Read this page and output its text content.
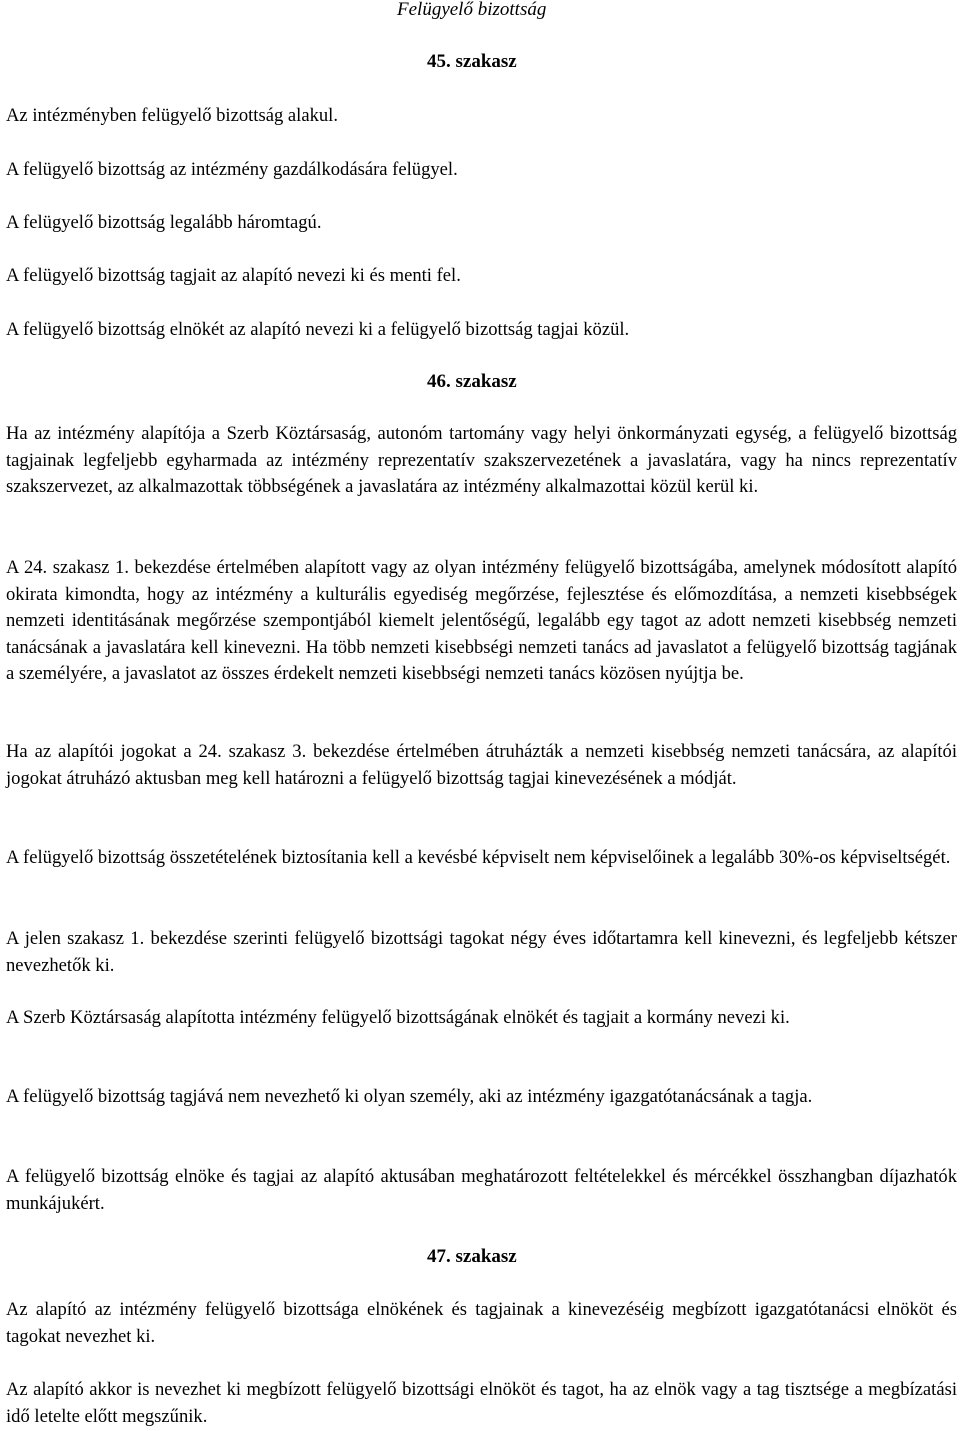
Felügyelő bizottság
45. szakasz
Az intézményben felügyelő bizottság alakul.
A felügyelő bizottság az intézmény gazdálkodására felügyel.
A felügyelő bizottság legalább háromtagú.
A felügyelő bizottság tagjait az alapító nevezi ki és menti fel.
A felügyelő bizottság elnökét az alapító nevezi ki a felügyelő bizottság tagjai közül.
46. szakasz
Ha az intézmény alapítója a Szerb Köztársaság, autonóm tartomány vagy helyi önkormányzati egység, a felügyelő bizottság tagjainak legfeljebb egyharmada az intézmény reprezentatív szakszervezetének a javaslatára, vagy ha nincs reprezentatív szakszervezet, az alkalmazottak többségének a javaslatára az intézmény alkalmazottai közül kerül ki.
A 24. szakasz 1. bekezdése értelmében alapított vagy az olyan intézmény felügyelő bizottságába, amelynek módosított alapító okirata kimondta, hogy az intézmény a kulturális egyediség megőrzése, fejlesztése és előmozdítása, a nemzeti kisebbségek nemzeti identitásának megőrzése szempontjából kiemelt jelentőségű, legalább egy tagot az adott nemzeti kisebbség nemzeti tanácsának a javaslatára kell kinevezni. Ha több nemzeti kisebbségi nemzeti tanács ad javaslatot a felügyelő bizottság tagjának a személyére, a javaslatot az összes érdekelt nemzeti kisebbségi nemzeti tanács közösen nyújtja be.
Ha az alapítói jogokat a 24. szakasz 3. bekezdése értelmében átruházták a nemzeti kisebbség nemzeti tanácsára, az alapítói jogokat átruházó aktusban meg kell határozni a felügyelő bizottság tagjai kinevezésének a módját.
A felügyelő bizottság összetételének biztosítania kell a kevésbé képviselt nem képviselőinek a legalább 30%-os képviseltségét.
A jelen szakasz 1. bekezdése szerinti felügyelő bizottsági tagokat négy éves időtartamra kell kinevezni, és legfeljebb kétszer nevezhetők ki.
A Szerb Köztársaság alapította intézmény felügyelő bizottságának elnökét és tagjait a kormány nevezi ki.
A felügyelő bizottság tagjává nem nevezhető ki olyan személy, aki az intézmény igazgatótanácsának a tagja.
A felügyelő bizottság elnöke és tagjai az alapító aktusában meghatározott feltételekkel és mércékkel összhangban díjazhatók munkájukért.
47. szakasz
Az alapító az intézmény felügyelő bizottsága elnökének és tagjainak a kinevezéséig megbízott igazgatótanácsi elnököt és tagokat nevezhet ki.
Az alapító akkor is nevezhet ki megbízott felügyelő bizottsági elnököt és tagot, ha az elnök vagy a tag tisztsége a megbízatási idő letelte előtt megszűnik.
